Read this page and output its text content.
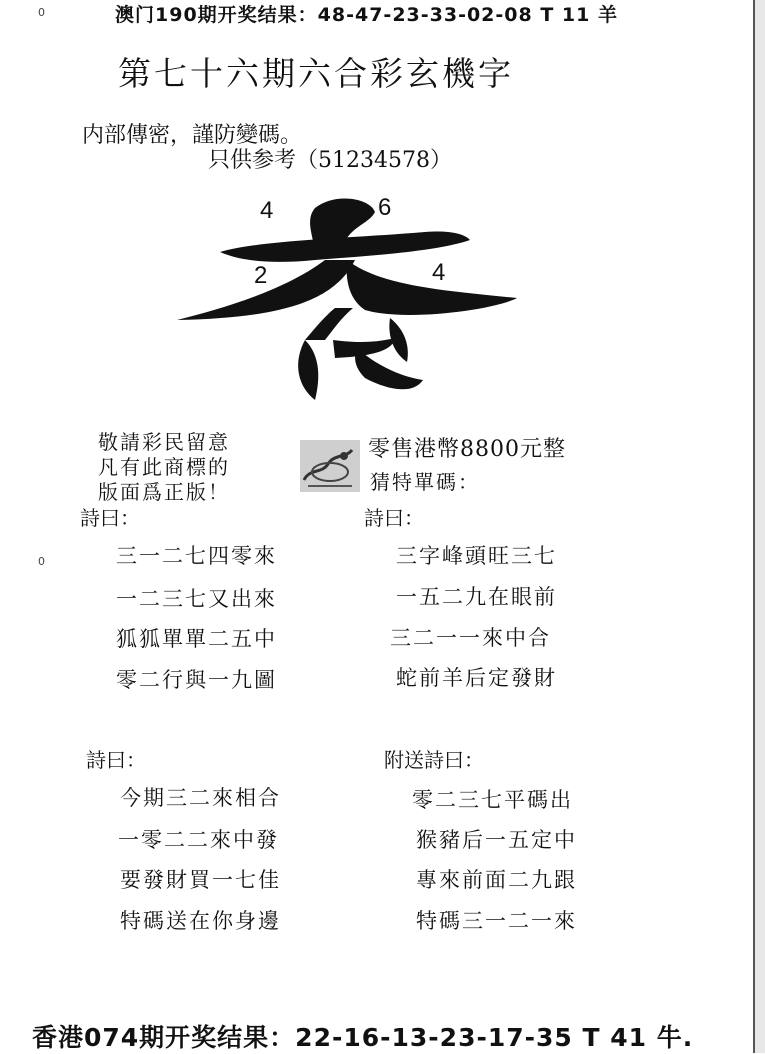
0
0
澳门190期开奖结果：48-47-23-33-02-08 T 11 羊
第七十六期六合彩玄機字
内部傳密，謹防變碼。
只供参考（51234578）
4	6
2	4
敬請彩民留意
凡有此商標的
版面爲正版！
零售港幣8800元整
猜特單碼：
詩曰：
三一二七四零來
一二三七又出來
狐狐單單二五中
零二行與一九圖
詩曰：
三字峰頭旺三七
一五二九在眼前
三二一一來中合
蛇前羊后定發財
詩曰：
今期三二來相合
一零二二來中發
要發財買一七佳
特碼送在你身邊
附送詩曰：
零二三七平碼出
猴豬后一五定中
專來前面二九跟
特碼三一二一來
香港074期开奖结果：22-16-13-23-17-35 T 41 牛.
